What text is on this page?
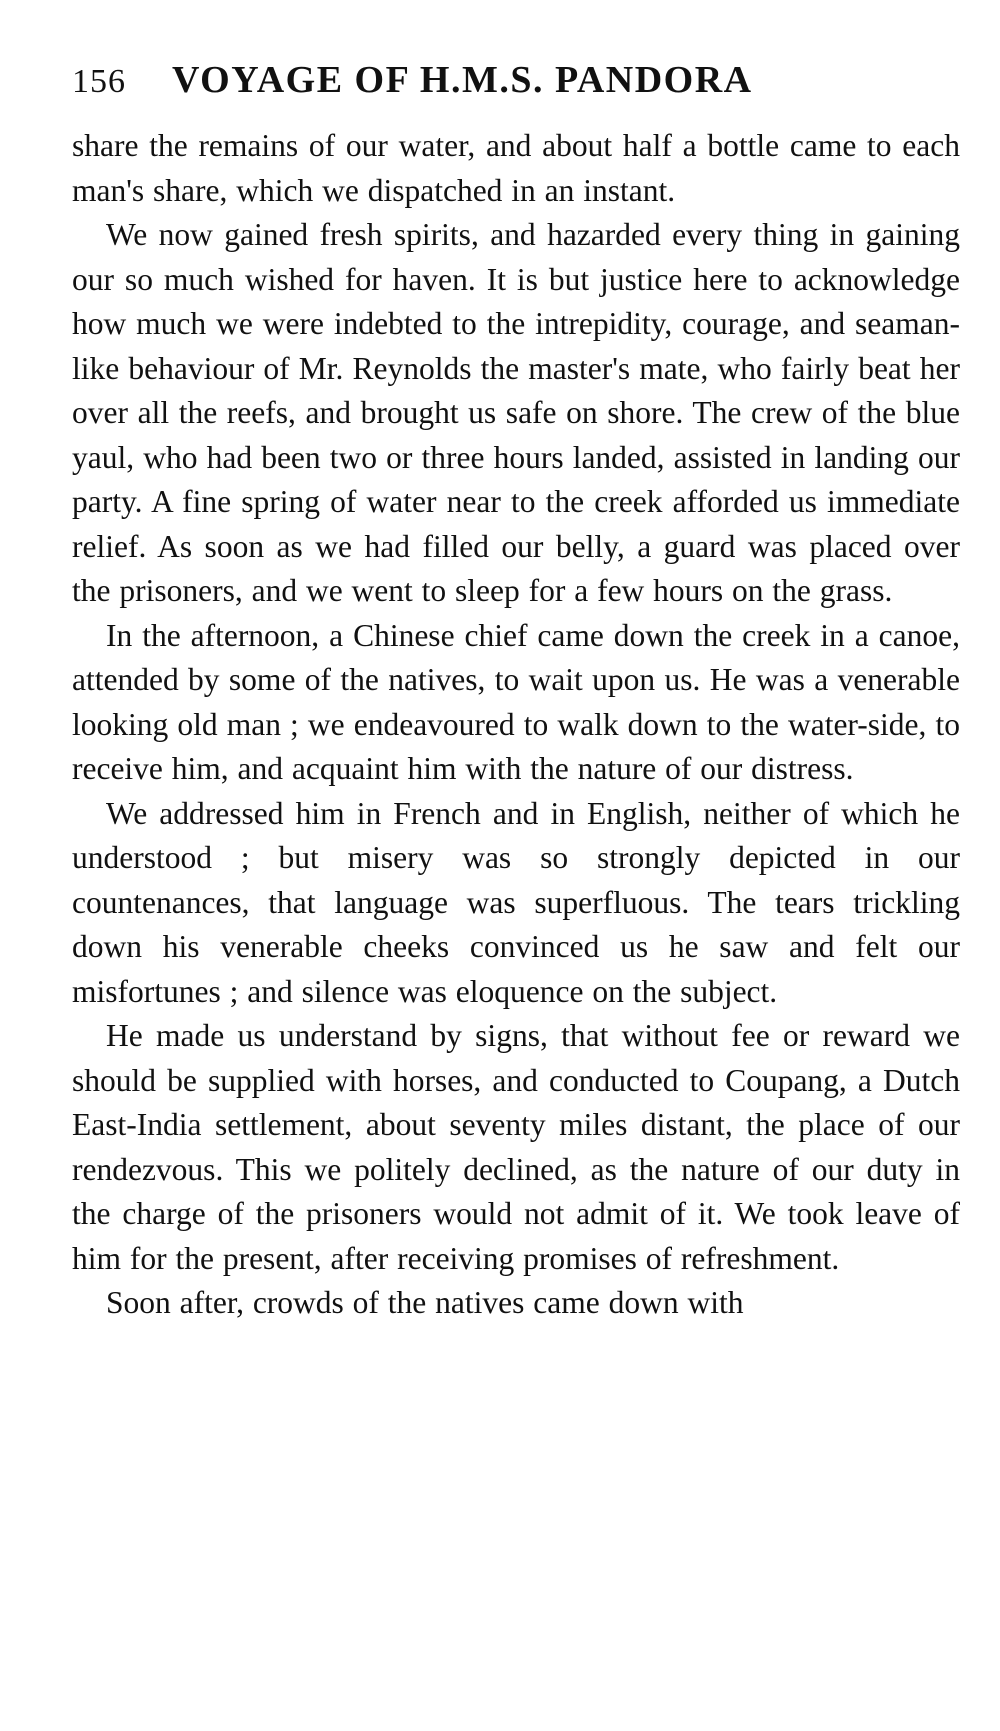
156	VOYAGE OF H.M.S. PANDORA

share the remains of our water, and about half a bottle came to each man's share, which we dispatched in an instant.

We now gained fresh spirits, and hazarded every thing in gaining our so much wished for haven. It is but justice here to acknowledge how much we were indebted to the intrepidity, courage, and seaman-like behaviour of Mr. Reynolds the master's mate, who fairly beat her over all the reefs, and brought us safe on shore. The crew of the blue yaul, who had been two or three hours landed, assisted in landing our party. A fine spring of water near to the creek afforded us immediate relief. As soon as we had filled our belly, a guard was placed over the prisoners, and we went to sleep for a few hours on the grass.

In the afternoon, a Chinese chief came down the creek in a canoe, attended by some of the natives, to wait upon us. He was a venerable looking old man ; we endeavoured to walk down to the water-side, to receive him, and acquaint him with the nature of our distress.

We addressed him in French and in English, neither of which he understood ; but misery was so strongly depicted in our countenances, that language was superfluous. The tears trickling down his venerable cheeks convinced us he saw and felt our misfortunes ; and silence was eloquence on the subject.

He made us understand by signs, that without fee or reward we should be supplied with horses, and conducted to Coupang, a Dutch East-India settlement, about seventy miles distant, the place of our rendezvous. This we politely declined, as the nature of our duty in the charge of the prisoners would not admit of it. We took leave of him for the present, after receiving promises of refreshment.

Soon after, crowds of the natives came down with
